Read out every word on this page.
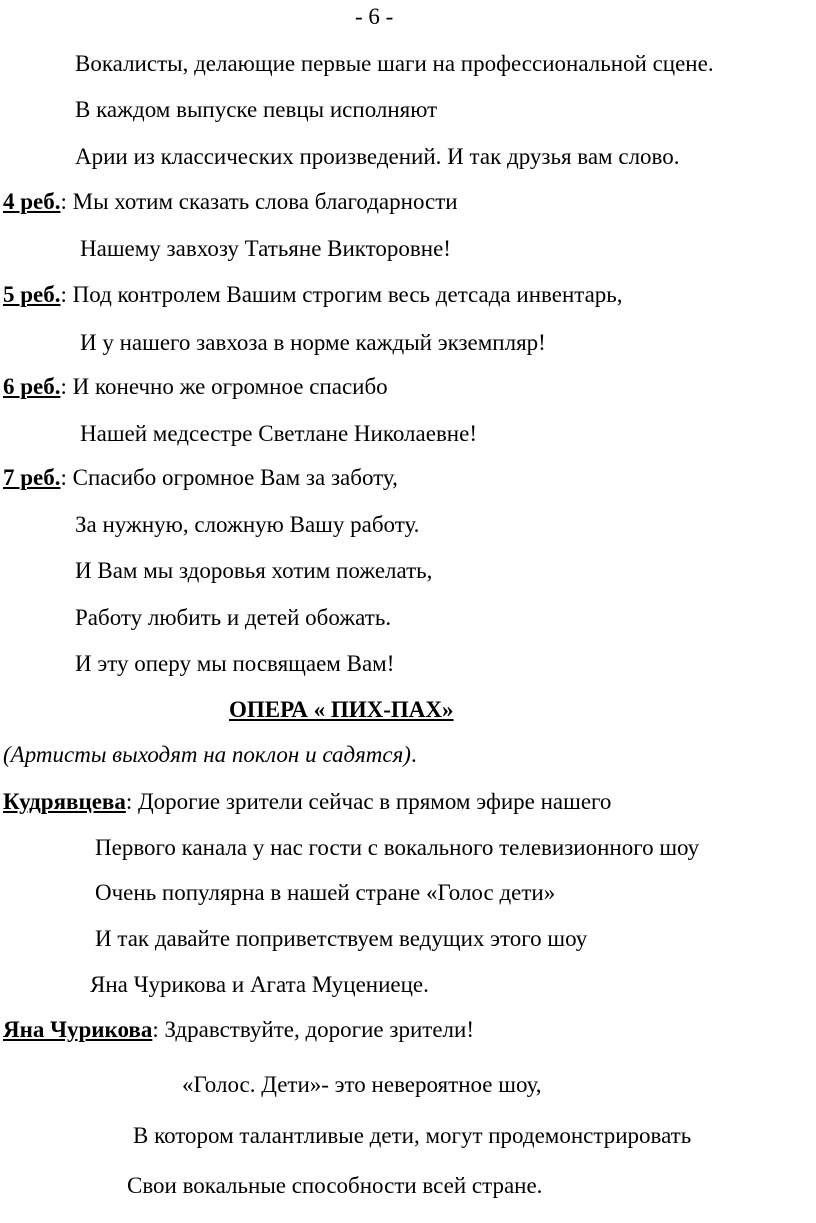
- 6 -
Вокалисты, делающие первые шаги на профессиональной сцене.
В каждом выпуске певцы исполняют
Арии из классических произведений. И так друзья вам слово.
4 реб.: Мы хотим сказать слова благодарности
Нашему завхозу Татьяне Викторовне!
5 реб.: Под контролем Вашим строгим весь детсада инвентарь,
И у нашего завхоза в норме каждый экземпляр!
6 реб.: И конечно же огромное спасибо
Нашей медсестре Светлане Николаевне!
7 реб.: Спасибо огромное Вам за заботу,
За нужную, сложную Вашу работу.
И Вам мы здоровья хотим пожелать,
Работу любить и детей обожать.
И эту оперу мы посвящаем Вам!
ОПЕРА « ПИХ-ПАХ»
(Артисты выходят на поклон и садятся).
Кудрявцева: Дорогие зрители сейчас в прямом эфире нашего
Первого канала у нас гости с вокального телевизионного шоу
Очень популярна в нашей стране «Голос дети»
И так давайте поприветствуем ведущих этого шоу
Яна Чурикова и Агата Муцениеце.
Яна Чурикова: Здравствуйте, дорогие зрители!
«Голос. Дети»- это невероятное шоу,
В котором талантливые дети, могут продемонстрировать
Свои вокальные способности всей стране.
